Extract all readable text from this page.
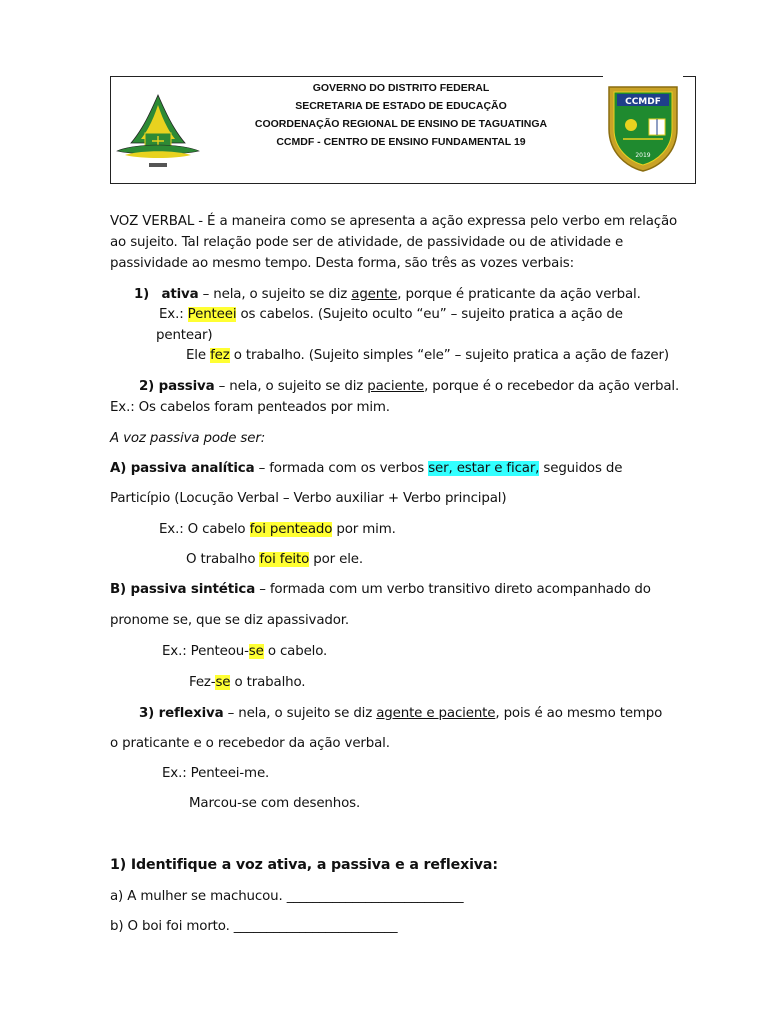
GOVERNO DO DISTRITO FEDERAL
SECRETARIA DE ESTADO DE EDUCAÇÃO
COORDENAÇÃO REGIONAL DE ENSINO DE TAGUATINGA
CCMDF - CENTRO DE ENSINO FUNDAMENTAL 19
CCMDF
2019
VOZ VERBAL - É a maneira como se apresenta a ação expressa pelo verbo em relação
ao sujeito. Tal relação pode ser de atividade, de passividade ou de atividade e
passividade ao mesmo tempo. Desta forma, são três as vozes verbais:
1) ativa – nela, o sujeito se diz agente, porque é praticante da ação verbal.
Ex.: Penteei os cabelos. (Sujeito oculto “eu” – sujeito pratica a ação de
pentear)
Ele fez o trabalho. (Sujeito simples “ele” – sujeito pratica a ação de fazer)
2) passiva – nela, o sujeito se diz paciente, porque é o recebedor da ação verbal.
Ex.: Os cabelos foram penteados por mim.
A voz passiva pode ser:
A) passiva analítica – formada com os verbos ser, estar e ficar, seguidos de
Particípio (Locução Verbal – Verbo auxiliar + Verbo principal)
Ex.: O cabelo foi penteado por mim.
O trabalho foi feito por ele.
B) passiva sintética – formada com um verbo transitivo direto acompanhado do
pronome se, que se diz apassivador.
Ex.: Penteou-se o cabelo.
Fez-se o trabalho.
3) reflexiva – nela, o sujeito se diz agente e paciente, pois é ao mesmo tempo
o praticante e o recebedor da ação verbal.
Ex.: Penteei-me.
Marcou-se com desenhos.
1) Identifique a voz ativa, a passiva e a reflexiva:
a) A mulher se machucou. ___________________________
b) O boi foi morto. _________________________
